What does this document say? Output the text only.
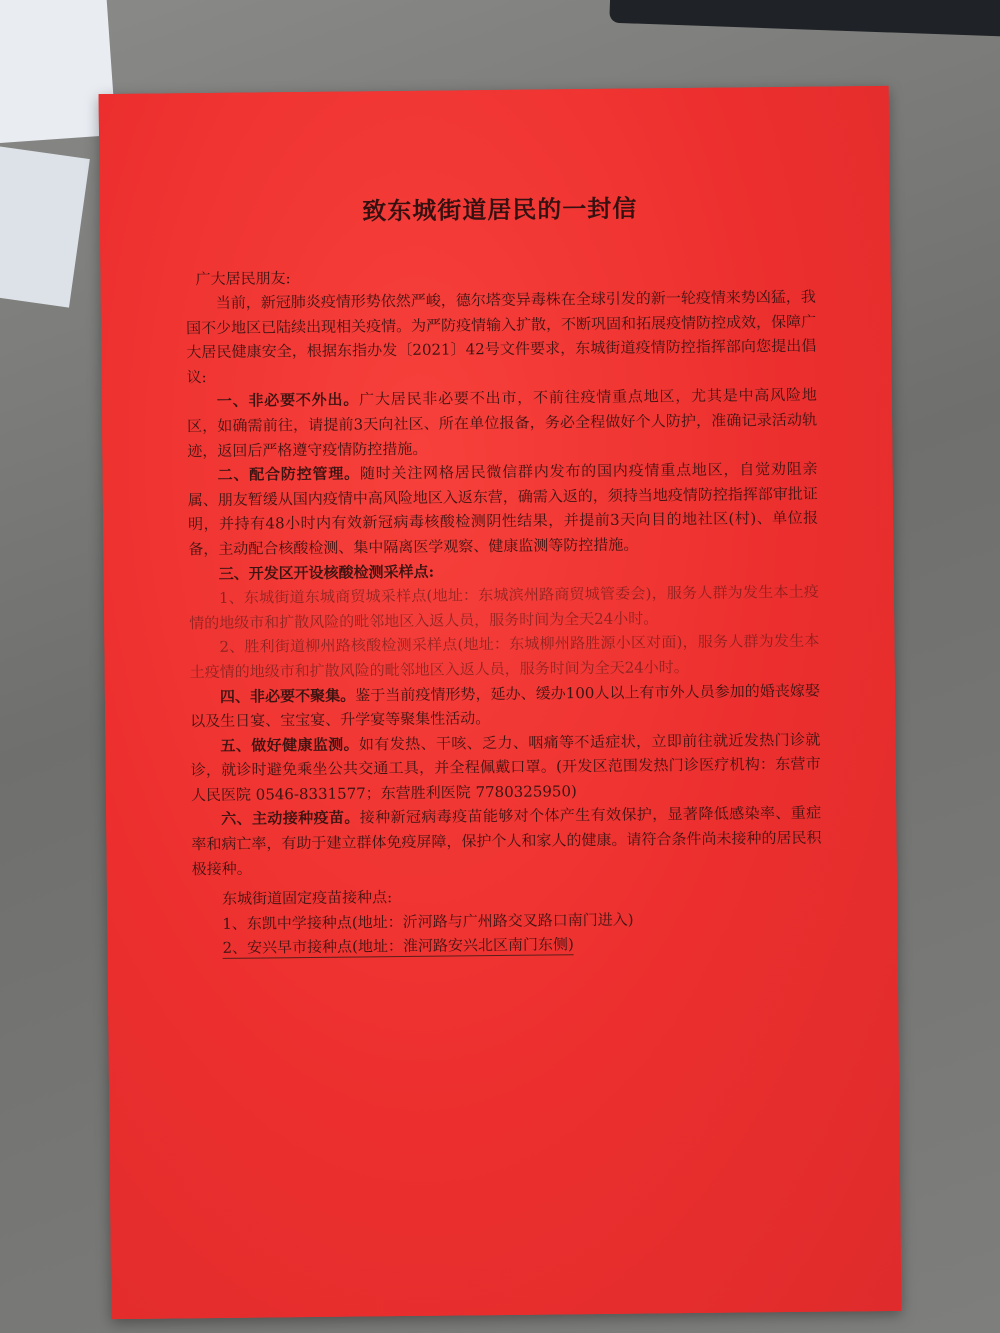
致东城街道居民的一封信
广大居民朋友:

当前，新冠肺炎疫情形势依然严峻，德尔塔变异毒株在全球引发的新一轮疫情来势凶猛，我国不少地区已陆续出现相关疫情。为严防疫情输入扩散，不断巩固和拓展疫情防控成效，保障广大居民健康安全，根据东指办发〔2021〕42号文件要求，东城街道疫情防控指挥部向您提出倡议:

一、非必要不外出。广大居民非必要不出市，不前往疫情重点地区，尤其是中高风险地区，如确需前往，请提前3天向社区、所在单位报备，务必全程做好个人防护，准确记录活动轨迹，返回后严格遵守疫情防控措施。

二、配合防控管理。随时关注网格居民微信群内发布的国内疫情重点地区，自觉劝阻亲属、朋友暂缓从国内疫情中高风险地区入返东营，确需入返的，须持当地疫情防控指挥部审批证明，并持有48小时内有效新冠病毒核酸检测阴性结果，并提前3天向目的地社区(村)、单位报备，主动配合核酸检测、集中隔离医学观察、健康监测等防控措施。

三、开发区开设核酸检测采样点:

1、东城街道东城商贸城采样点(地址：东城滨州路商贸城管委会)，服务人群为发生本土疫情的地级市和扩散风险的毗邻地区入返人员，服务时间为全天24小时。

2、胜利街道柳州路核酸检测采样点(地址：东城柳州路胜源小区对面)，服务人群为发生本土疫情的地级市和扩散风险的毗邻地区入返人员，服务时间为全天24小时。

四、非必要不聚集。鉴于当前疫情形势，延办、缓办100人以上有市外人员参加的婚丧嫁娶以及生日宴、宝宝宴、升学宴等聚集性活动。

五、做好健康监测。如有发热、干咳、乏力、咽痛等不适症状，立即前往就近发热门诊就诊，就诊时避免乘坐公共交通工具，并全程佩戴口罩。(开发区范围发热门诊医疗机构：东营市人民医院 0546-8331577；东营胜利医院 7780325950)

六、主动接种疫苗。接种新冠病毒疫苗能够对个体产生有效保护，显著降低感染率、重症率和病亡率，有助于建立群体免疫屏障，保护个人和家人的健康。请符合条件尚未接种的居民积极接种。

东城街道固定疫苗接种点:
1、东凯中学接种点(地址：沂河路与广州路交叉路口南门进入)
2、安兴早市接种点(地址：淮河路安兴北区南门东侧)
